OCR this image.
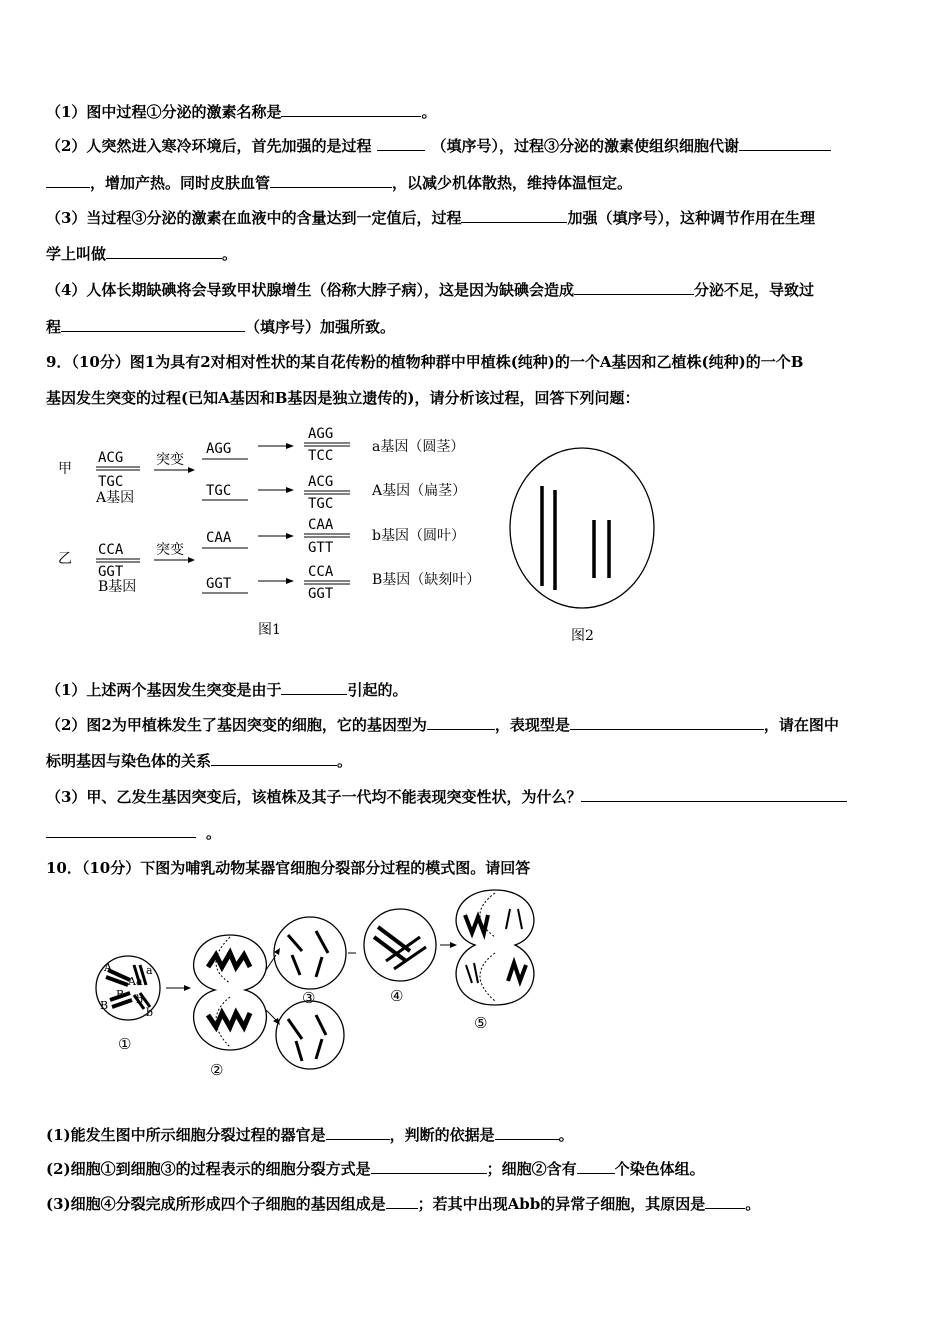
（1）图中过程①分泌的激素名称是	。
（2）人突然进入寒冷环境后，首先加强的是过程	（填序号），过程③分泌的激素使组织细胞代谢
，增加产热。同时皮肤血管	，以减少机体散热，维持体温恒定。
（3）当过程③分泌的激素在血液中的含量达到一定值后，过程	加强（填序号），这种调节作用在生理
学上叫做	。
（4）人体长期缺碘将会导致甲状腺增生（俗称大脖子病），这是因为缺碘会造成	分泌不足，导致过
程	（填序号）加强所致。
9．（10分）图1为具有2对相对性状的某自花传粉的植物种群中甲植株(纯种)的一个A基因和乙植株(纯种)的一个B
基因发生突变的过程(已知A基因和B基因是独立遗传的)，请分析该过程，回答下列问题：
甲
ACG
TGC
A基因
突变
AGG
AGG
TCC
a基因（圆茎）
TGC
ACG
TGC
A基因（扁茎）
乙
CCA
GGT
B基因
突变
CAA
CAA
GTT
b基因（圆叶）
GGT
CCA
GGT
B基因（缺刻叶）
图1	图2
（1）上述两个基因发生突变是由于	引起的。
（2）图2为甲植株发生了基因突变的细胞，它的基因型为	，表现型是	，请在图中
标明基因与染色体的关系	。
（3）甲、乙发生基因突变后，该植株及其子一代均不能表现突变性状，为什么？
。
10．（10分）下图为哺乳动物某器官细胞分裂部分过程的模式图。请回答
A	a
Aa
B
B	b
b
①
②
③	④
⑤
(1)能发生图中所示细胞分裂过程的器官是	，判断的依据是	。
(2)细胞①到细胞③的过程表示的细胞分裂方式是	；细胞②含有	个染色体组。
(3)细胞④分裂完成所形成四个子细胞的基因组成是 ；若其中出现Abb的异常子细胞，其原因是	。
